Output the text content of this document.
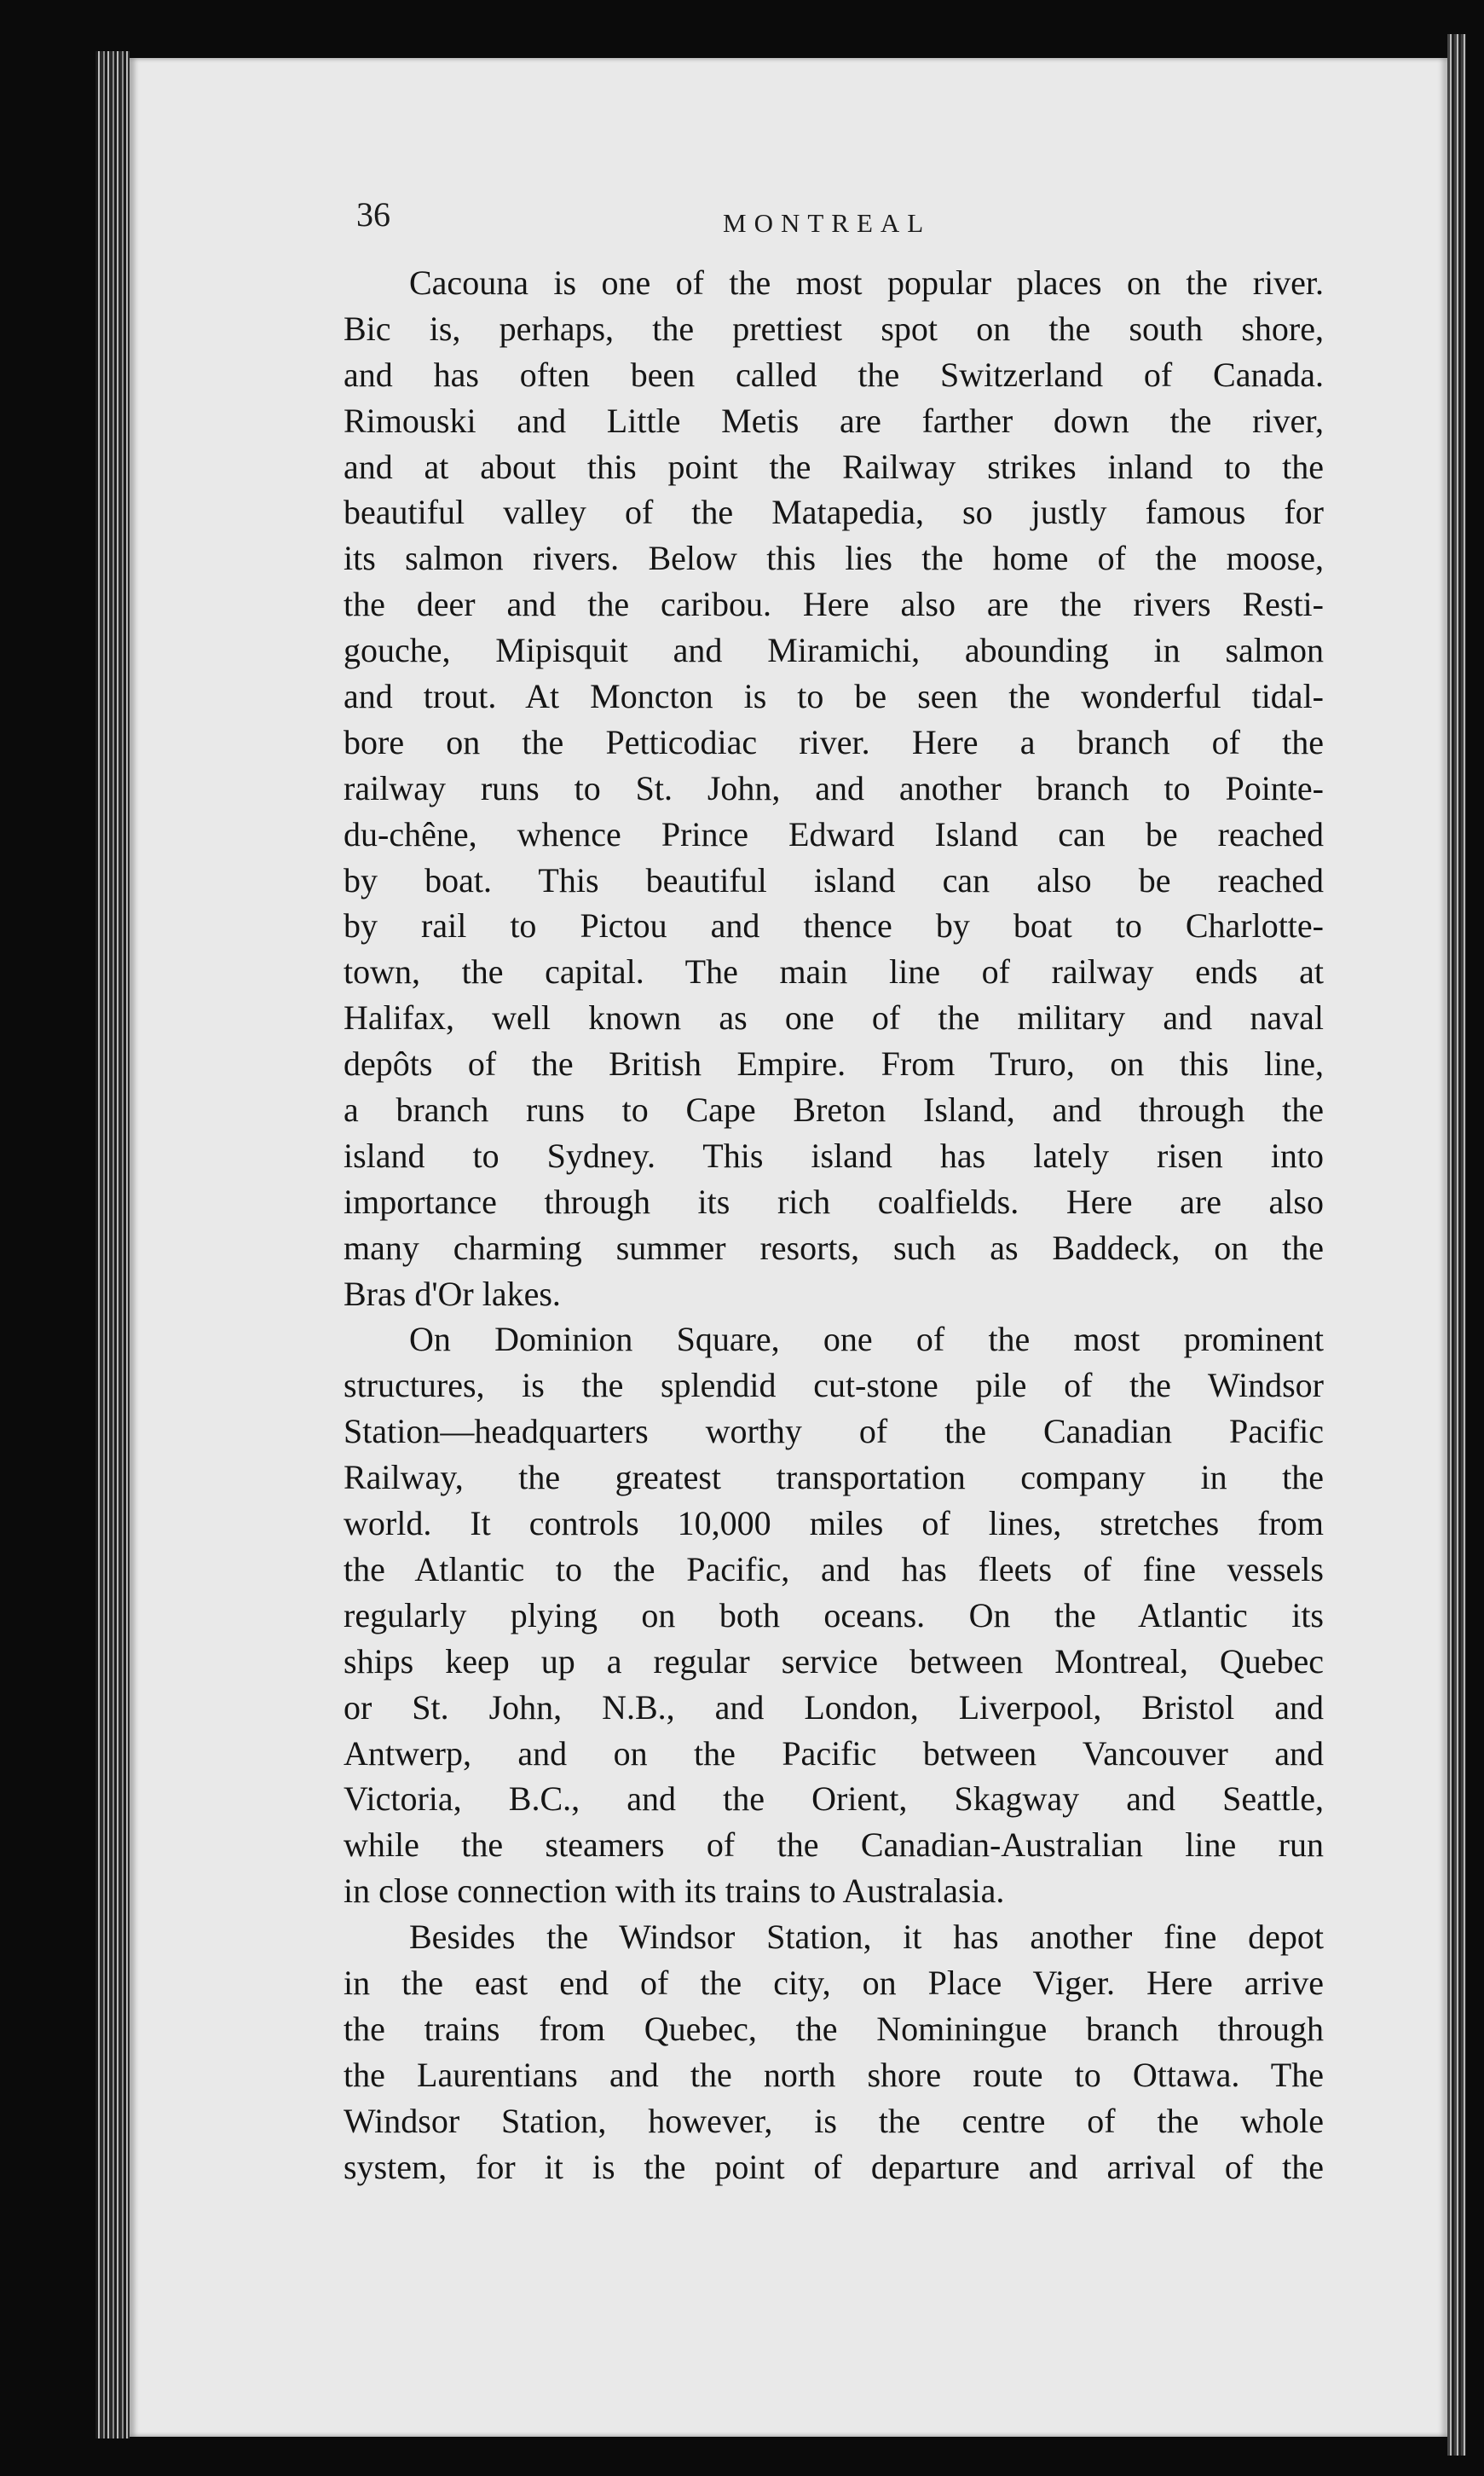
36	MONTREAL
Cacouna is one of the most popular places on the river.
Bic is, perhaps, the prettiest spot on the south shore,
and has often been called the Switzerland of Canada.
Rimouski and Little Metis are farther down the river,
and at about this point the Railway strikes inland to the
beautiful valley of the Matapedia, so justly famous for
its salmon rivers. Below this lies the home of the moose,
the deer and the caribou. Here also are the rivers Resti-
gouche, Mipisquit and Miramichi, abounding in salmon
and trout. At Moncton is to be seen the wonderful tidal-
bore on the Petticodiac river. Here a branch of the
railway runs to St. John, and another branch to Pointe-
du-chêne, whence Prince Edward Island can be reached
by boat. This beautiful island can also be reached
by rail to Pictou and thence by boat to Charlotte-
town, the capital. The main line of railway ends at
Halifax, well known as one of the military and naval
depôts of the British Empire. From Truro, on this line,
a branch runs to Cape Breton Island, and through the
island to Sydney. This island has lately risen into
importance through its rich coalfields. Here are also
many charming summer resorts, such as Baddeck, on the
Bras d'Or lakes.
On Dominion Square, one of the most prominent
structures, is the splendid cut-stone pile of the Windsor
Station—headquarters worthy of the Canadian Pacific
Railway, the greatest transportation company in the
world. It controls 10,000 miles of lines, stretches from
the Atlantic to the Pacific, and has fleets of fine vessels
regularly plying on both oceans. On the Atlantic its
ships keep up a regular service between Montreal, Quebec
or St. John, N.B., and London, Liverpool, Bristol and
Antwerp, and on the Pacific between Vancouver and
Victoria, B.C., and the Orient, Skagway and Seattle,
while the steamers of the Canadian-Australian line run
in close connection with its trains to Australasia.
Besides the Windsor Station, it has another fine depot
in the east end of the city, on Place Viger. Here arrive
the trains from Quebec, the Nominingue branch through
the Laurentians and the north shore route to Ottawa. The
Windsor Station, however, is the centre of the whole
system, for it is the point of departure and arrival of the
